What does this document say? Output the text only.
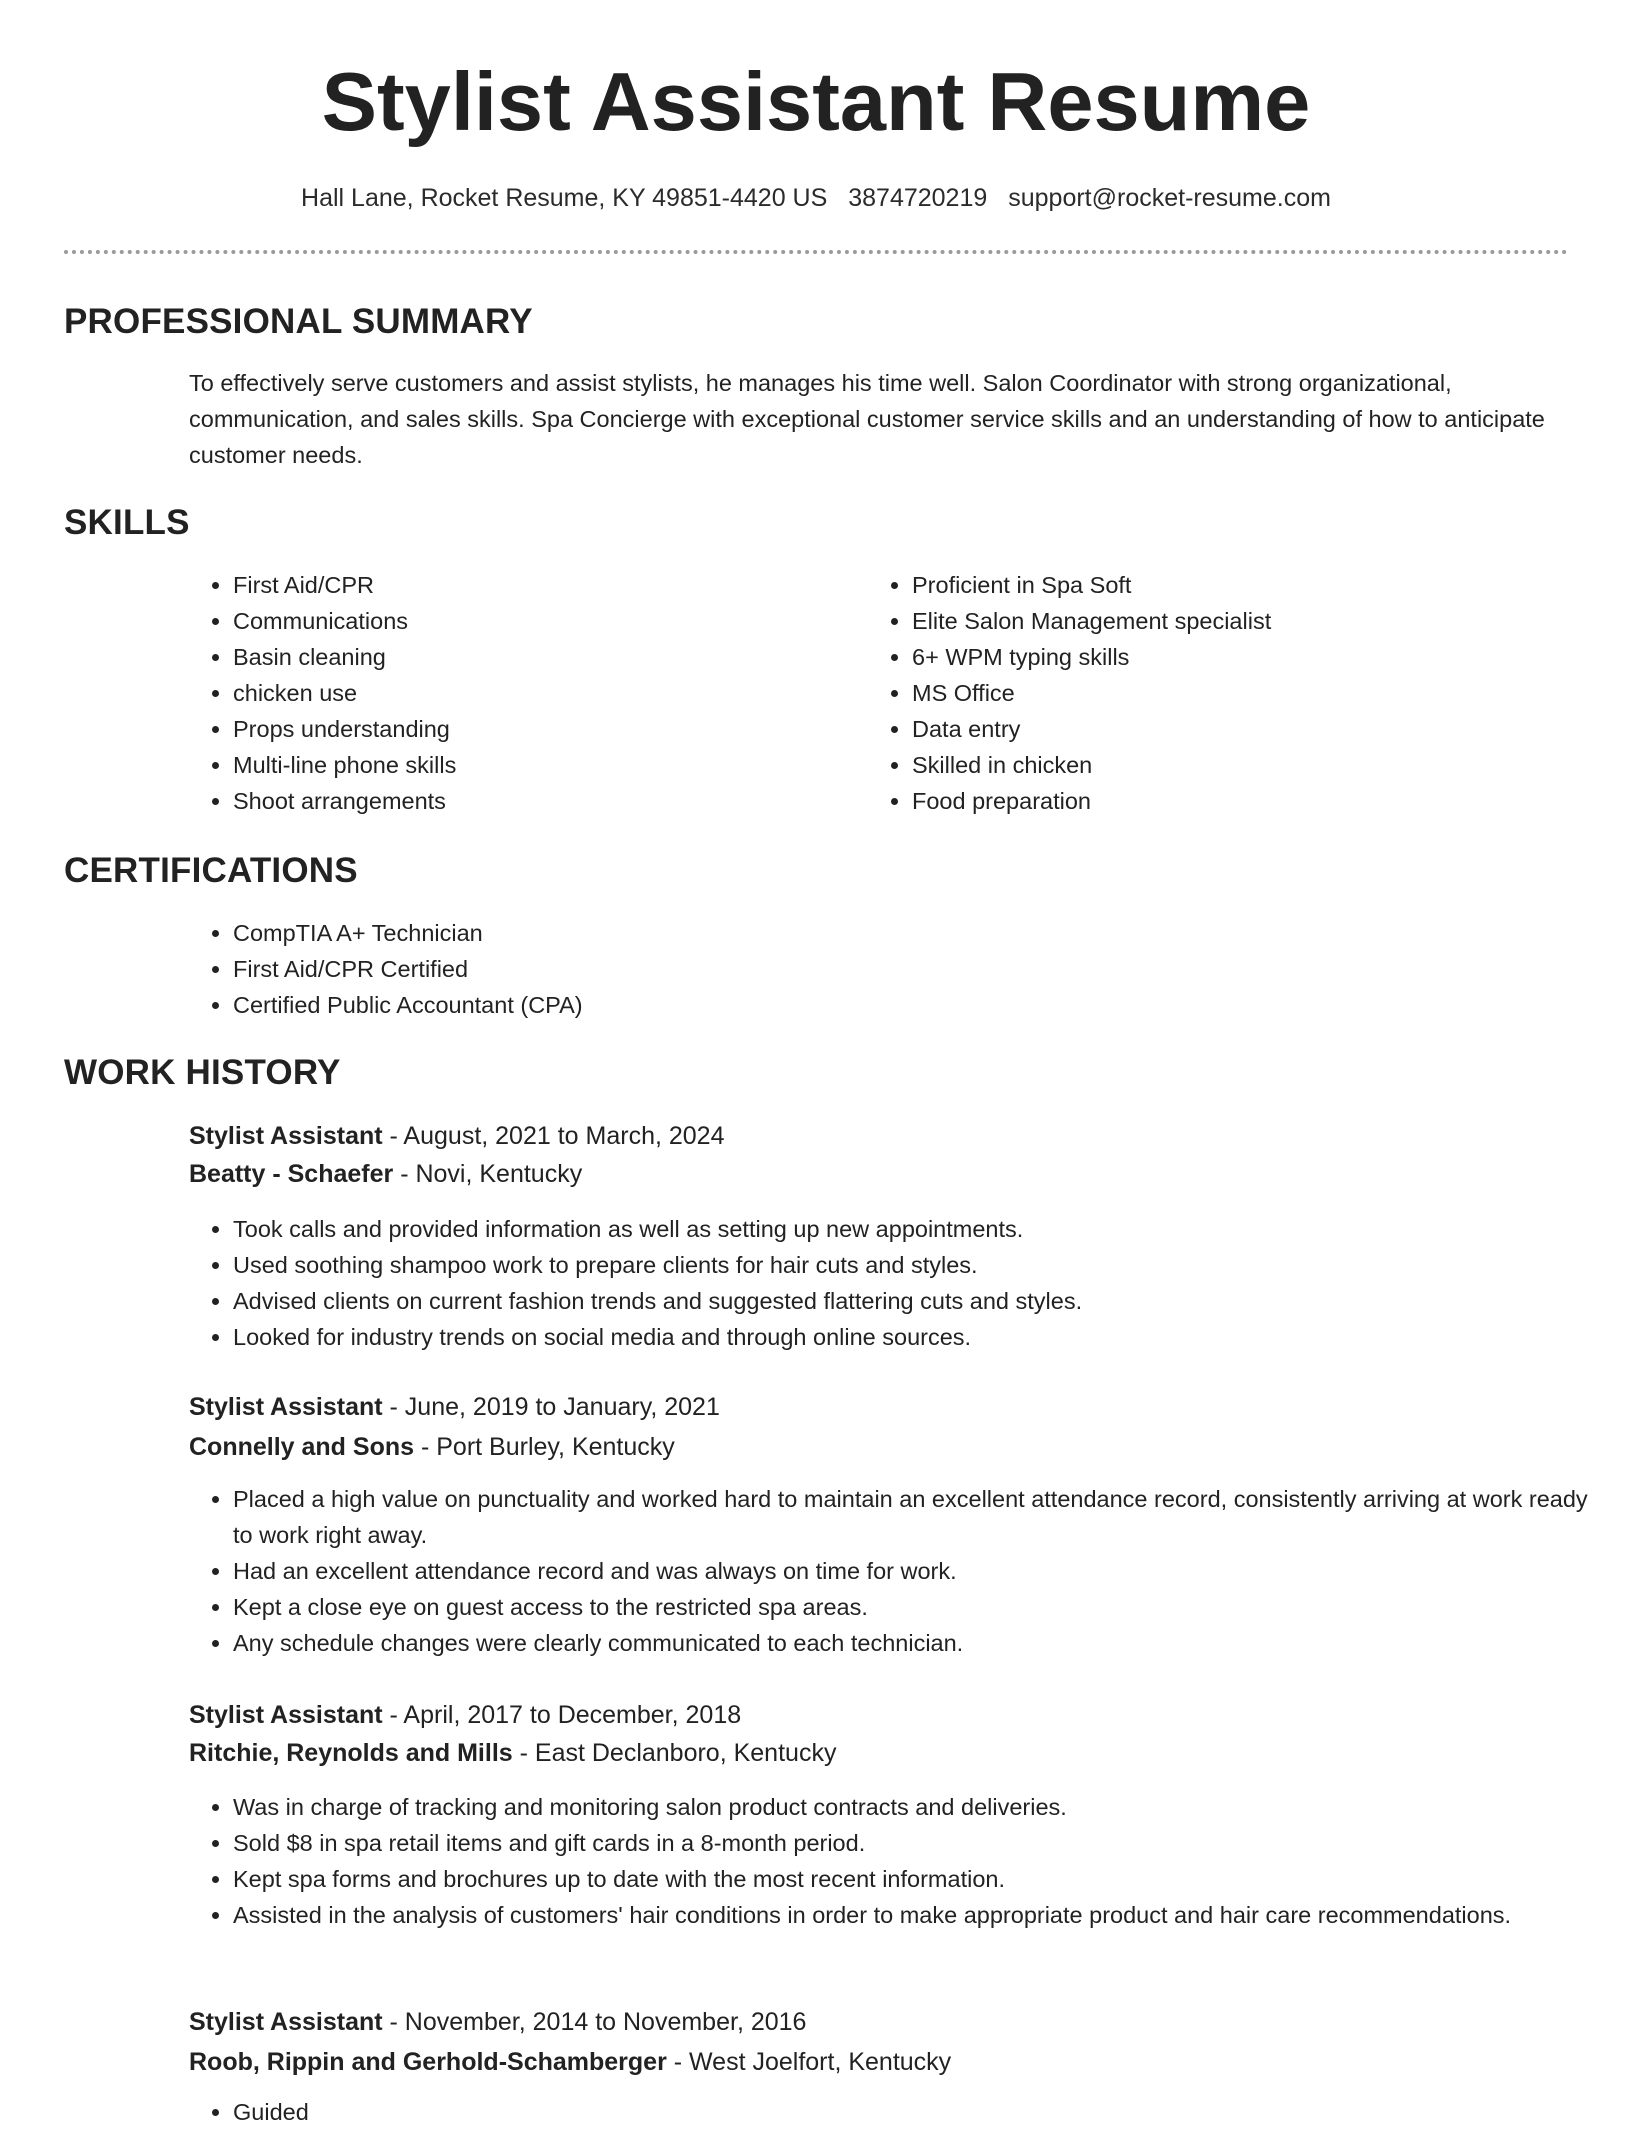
Stylist Assistant Resume
Hall Lane, Rocket Resume, KY 49851-4420 US 3874720219 support@rocket-resume.com
PROFESSIONAL SUMMARY

To effectively serve customers and assist stylists, he manages his time well. Salon Coordinator with strong organizational, communication, and sales skills. Spa Concierge with exceptional customer service skills and an understanding of how to anticipate customer needs.

SKILLS
• First Aid/CPR
• Communications
• Basin cleaning
• chicken use
• Props understanding
• Multi-line phone skills
• Shoot arrangements
• Proficient in Spa Soft
• Elite Salon Management specialist
• 6+ WPM typing skills
• MS Office
• Data entry
• Skilled in chicken
• Food preparation
CERTIFICATIONS
• CompTIA A+ Technician
• First Aid/CPR Certified
• Certified Public Accountant (CPA)
WORK HISTORY
Stylist Assistant - August, 2021 to March, 2024
Beatty - Schaefer - Novi, Kentucky
• Took calls and provided information as well as setting up new appointments.
• Used soothing shampoo work to prepare clients for hair cuts and styles.
• Advised clients on current fashion trends and suggested flattering cuts and styles.
• Looked for industry trends on social media and through online sources.
Stylist Assistant - June, 2019 to January, 2021
Connelly and Sons - Port Burley, Kentucky
• Placed a high value on punctuality and worked hard to maintain an excellent attendance record, consistently arriving at work ready to work right away.
• Had an excellent attendance record and was always on time for work.
• Kept a close eye on guest access to the restricted spa areas.
• Any schedule changes were clearly communicated to each technician.
Stylist Assistant - April, 2017 to December, 2018
Ritchie, Reynolds and Mills - East Declanboro, Kentucky
• Was in charge of tracking and monitoring salon product contracts and deliveries.
• Sold $8 in spa retail items and gift cards in a 8-month period.
• Kept spa forms and brochures up to date with the most recent information.
• Assisted in the analysis of customers' hair conditions in order to make appropriate product and hair care recommendations.
Stylist Assistant - November, 2014 to November, 2016
Roob, Rippin and Gerhold-Schamberger - West Joelfort, Kentucky
• Guided
